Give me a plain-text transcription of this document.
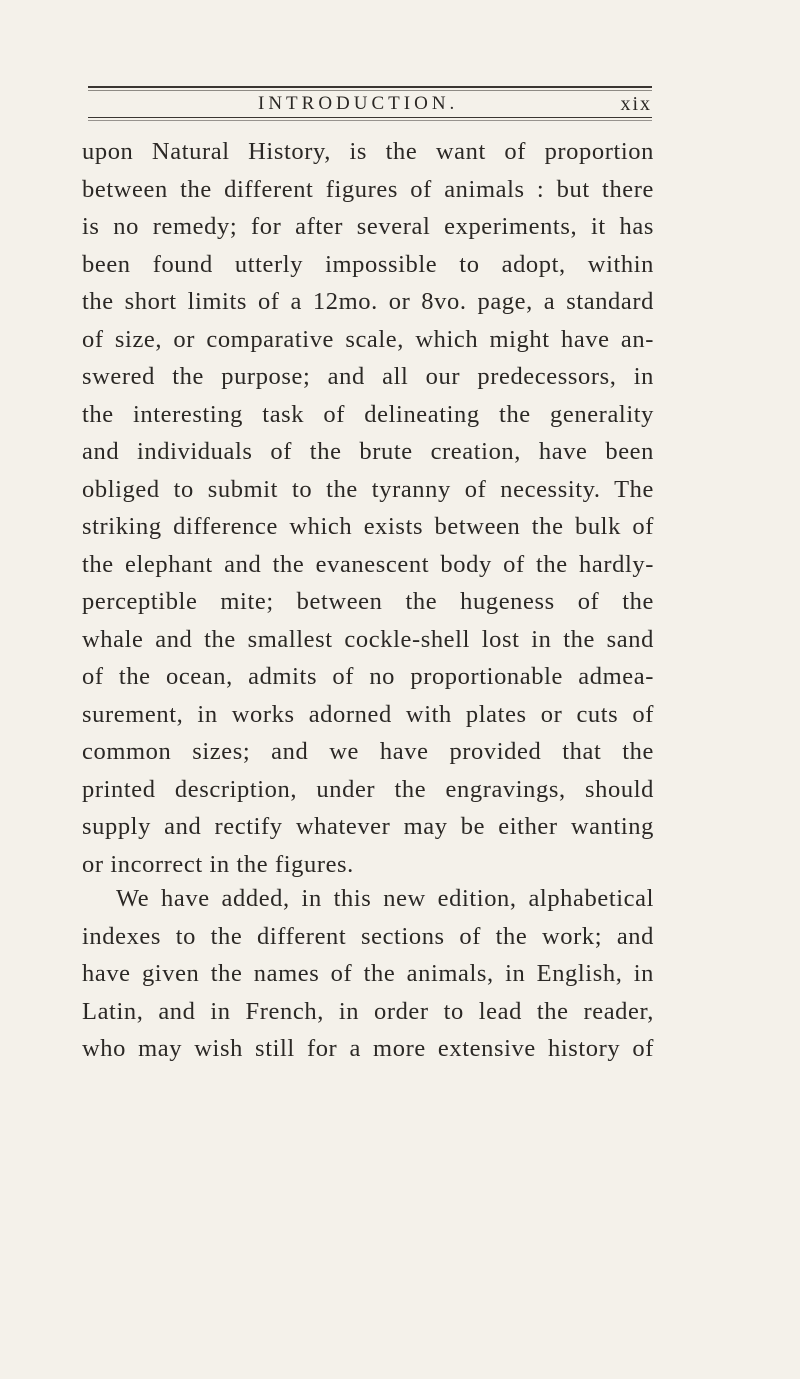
INTRODUCTION.	xix
upon Natural History, is the want of proportion
between the different figures of animals : but there
is no remedy; for after several experiments, it has
been found utterly impossible to adopt, within
the short limits of a 12mo. or 8vo. page, a standard
of size, or comparative scale, which might have an-
swered the purpose; and all our predecessors, in
the interesting task of delineating the generality
and individuals of the brute creation, have been
obliged to submit to the tyranny of necessity. The
striking difference which exists between the bulk of
the elephant and the evanescent body of the hardly-
perceptible mite; between the hugeness of the
whale and the smallest cockle-shell lost in the sand
of the ocean, admits of no proportionable admea-
surement, in works adorned with plates or cuts of
common sizes; and we have provided that the
printed description, under the engravings, should
supply and rectify whatever may be either wanting
or incorrect in the figures.
We have added, in this new edition, alphabetical
indexes to the different sections of the work; and
have given the names of the animals, in English, in
Latin, and in French, in order to lead the reader,
who may wish still for a more extensive history of
